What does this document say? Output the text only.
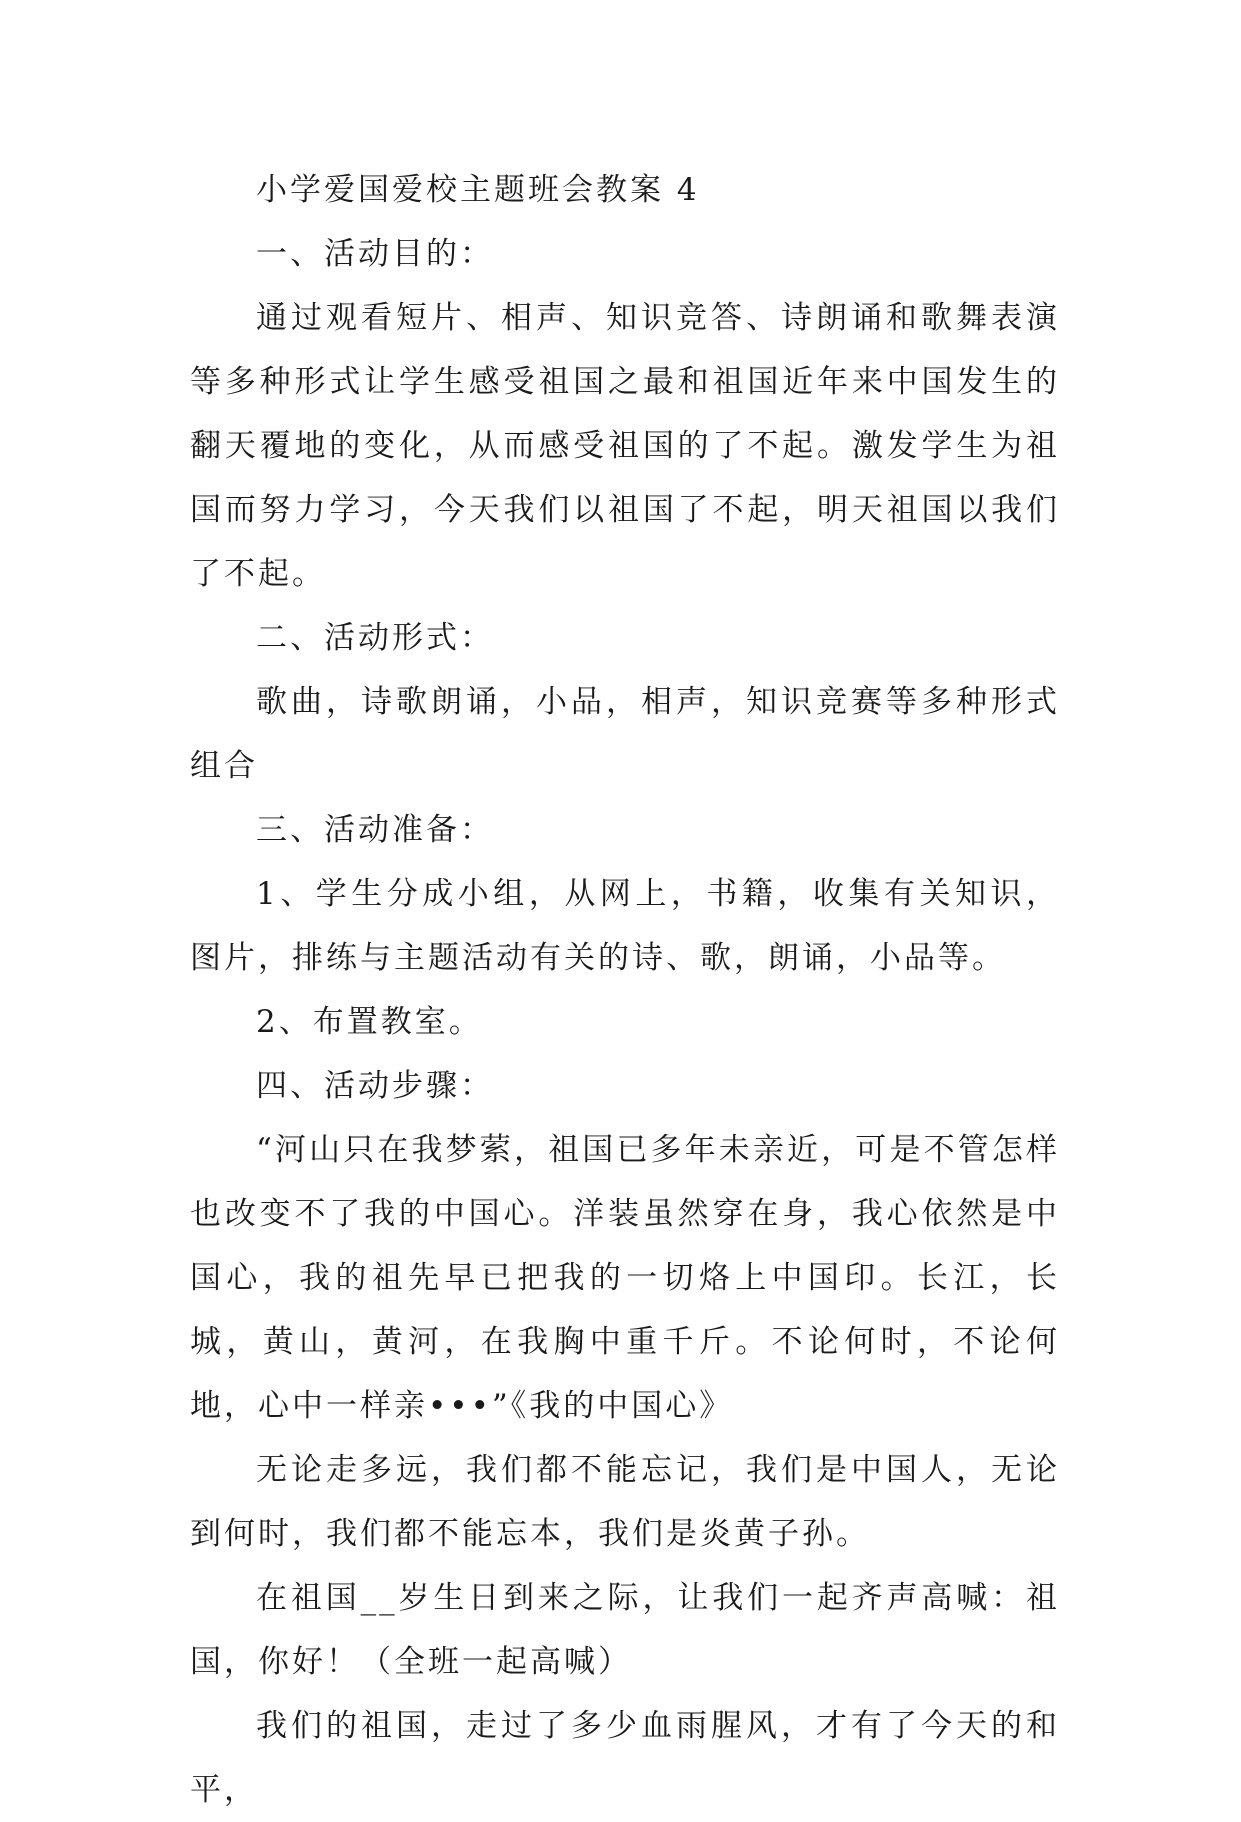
小学爱国爱校主题班会教案 4

一、活动目的：

通过观看短片、相声、知识竞答、诗朗诵和歌舞表演等多种形式让学生感受祖国之最和祖国近年来中国发生的翻天覆地的变化，从而感受祖国的了不起。激发学生为祖国而努力学习，今天我们以祖国了不起，明天祖国以我们了不起。

二、活动形式：

歌曲，诗歌朗诵，小品，相声，知识竞赛等多种形式组合

三、活动准备：

1、学生分成小组，从网上，书籍，收集有关知识，图片，排练与主题活动有关的诗、歌，朗诵，小品等。

2、布置教室。

四、活动步骤：

“河山只在我梦萦，祖国已多年未亲近，可是不管怎样也改变不了我的中国心。洋装虽然穿在身，我心依然是中国心，我的祖先早已把我的一切烙上中国印。长江，长城，黄山，黄河，在我胸中重千斤。不论何时，不论何地，心中一样亲•••”《我的中国心》

无论走多远，我们都不能忘记，我们是中国人，无论到何时，我们都不能忘本，我们是炎黄子孙。

在祖国__岁生日到来之际，让我们一起齐声高喊：祖国，你好！（全班一起高喊）

我们的祖国，走过了多少血雨腥风，才有了今天的和平，
